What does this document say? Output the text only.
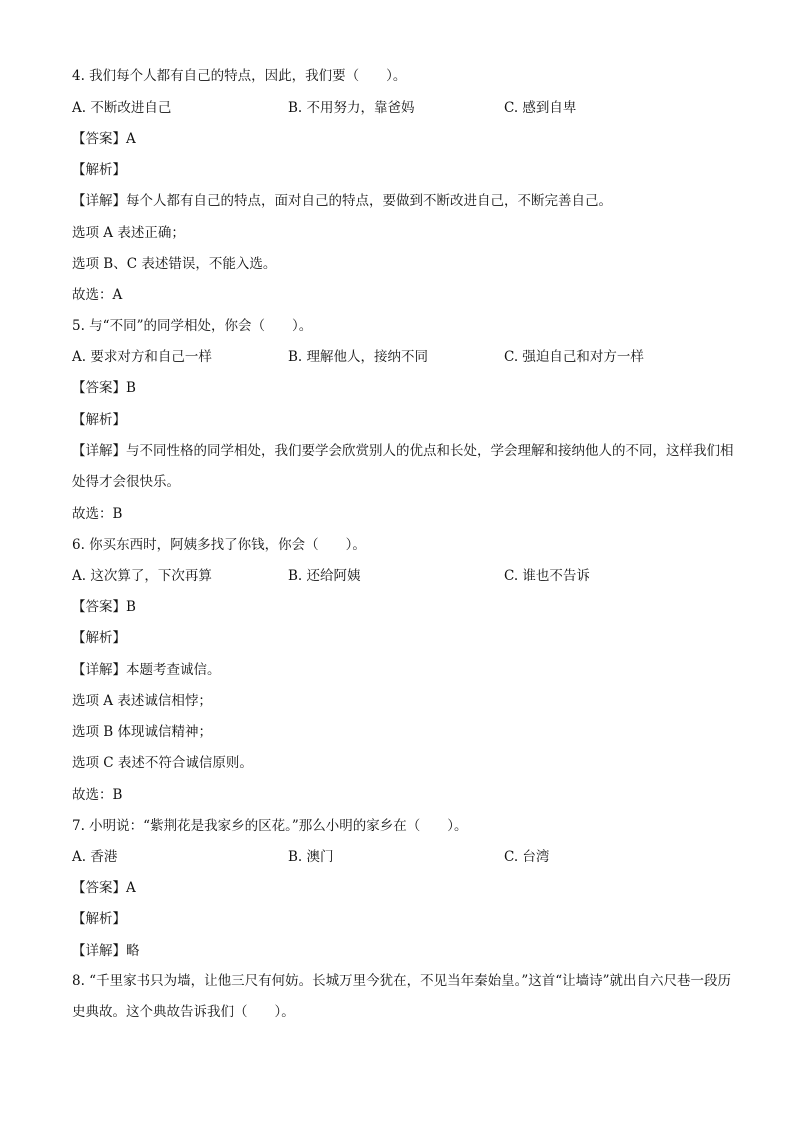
4. 我们每个人都有自己的特点，因此，我们要（　　）。
A. 不断改进自己	B. 不用努力，靠爸妈	C. 感到自卑
【答案】A
【解析】
【详解】每个人都有自己的特点，面对自己的特点，要做到不断改进自己，不断完善自己。
选项 A 表述正确；
选项 B、C 表述错误，不能入选。
故选：A
5. 与“不同”的同学相处，你会（　　）。
A. 要求对方和自己一样	B. 理解他人，接纳不同	C. 强迫自己和对方一样
【答案】B
【解析】
【详解】与不同性格的同学相处，我们要学会欣赏别人的优点和长处，学会理解和接纳他人的不同，这样我们相处得才会很快乐。
故选：B
6. 你买东西时，阿姨多找了你钱，你会（　　）。
A. 这次算了，下次再算	B. 还给阿姨	C. 谁也不告诉
【答案】B
【解析】
【详解】本题考查诚信。
选项 A 表述诚信相悖；
选项 B 体现诚信精神；
选项 C 表述不符合诚信原则。
故选：B
7. 小明说：“紫荆花是我家乡的区花。”那么小明的家乡在（　　）。
A. 香港	B. 澳门	C. 台湾
【答案】A
【解析】
【详解】略
8. “千里家书只为墙，让他三尺有何妨。长城万里今犹在，不见当年秦始皇。”这首“让墙诗”就出自六尺巷一段历史典故。这个典故告诉我们（　　）。
